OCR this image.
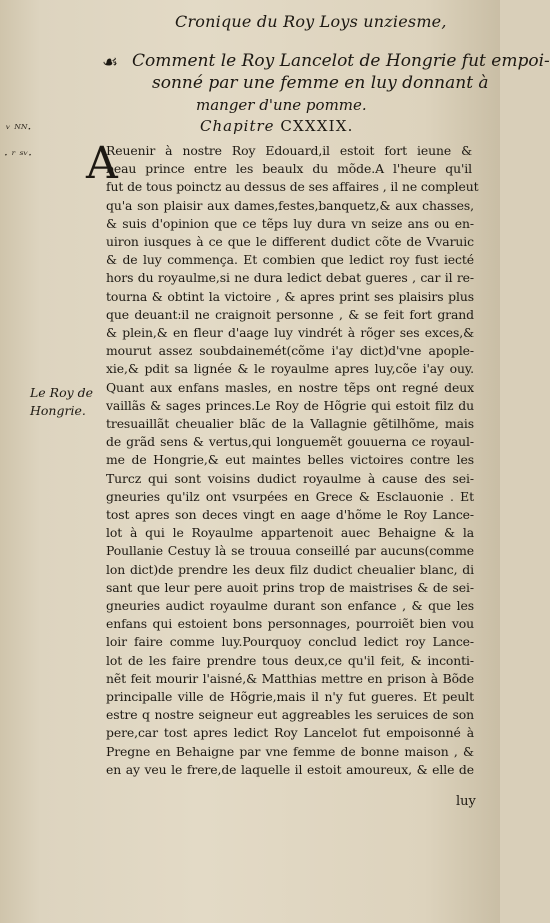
Cronique du Roy Loys unziesme,
☙ Comment le Roy Lancelot de Hongrie fut empoi-
sonné par une femme en luy donnant à
manger d'une pomme.
Chapitre CXXXIX.
ᵛ ᴺᴺ·
· ʳ ˢᵛ·
Le Roy de
Hongrie.
A
Reuenir à nostre Roy Edouard,il estoit fort ieune &
beau prince entre les beaulx du mõde.A l'heure qu'il
fut de tous poinctz au dessus de ses affaires , il ne compleut
qu'a son plaisir aux dames,festes,banquetz,& aux chasses,
& suis d'opinion que ce tẽps luy dura vn seize ans ou en-
uiron iusques à ce que le different dudict cõte de Vvaruic
& de luy commença. Et combien que ledict roy fust iecté
hors du royaulme,si ne dura ledict debat gueres , car il re-
tourna & obtint la victoire , & apres print ses plaisirs plus
que deuant:il ne craignoit personne , & se feit fort grand
& plein,& en fleur d'aage luy vindrét à rõger ses exces,&
mourut assez soubdainemét(cõme i'ay dict)d'vne apople-
xie,& pdit sa lignée & le royaulme apres luy,cõe i'ay ouy.
Quant aux enfans masles, en nostre tẽps ont regné deux
vaillãs & sages princes.Le Roy de Hõgrie qui estoit filz du
tresuaillãt cheualier blãc de la Vallagnie gẽtilhõme, mais
de grãd sens & vertus,qui longuemẽt gouuerna ce royaul-
me de Hongrie,& eut maintes belles victoires contre les
Turcz qui sont voisins dudict royaulme à cause des sei-
gneuries qu'ilz ont vsurpées en Grece & Esclauonie . Et
tost apres son deces vingt en aage d'hõme le Roy Lance-
lot à qui le Royaulme appartenoit auec Behaigne & la
Poullanie Cestuy là se trouua conseillé par aucuns(comme
lon dict)de prendre les deux filz dudict cheualier blanc, di
sant que leur pere auoit prins trop de maistrises & de sei-
gneuries audict royaulme durant son enfance , & que les
enfans qui estoient bons personnages, pourroiẽt bien vou
loir faire comme luy.Pourquoy conclud ledict roy Lance-
lot de les faire prendre tous deux,ce qu'il feit, & inconti-
nẽt feit mourir l'aisné,& Matthias mettre en prison à Bõde
principalle ville de Hõgrie,mais il n'y fut gueres. Et peult
estre q nostre seigneur eut aggreables les seruices de son
pere,car tost apres ledict Roy Lancelot fut empoisonné à
Pregne en Behaigne par vne femme de bonne maison , &
en ay veu le frere,de laquelle il estoit amoureux, & elle de
luy
